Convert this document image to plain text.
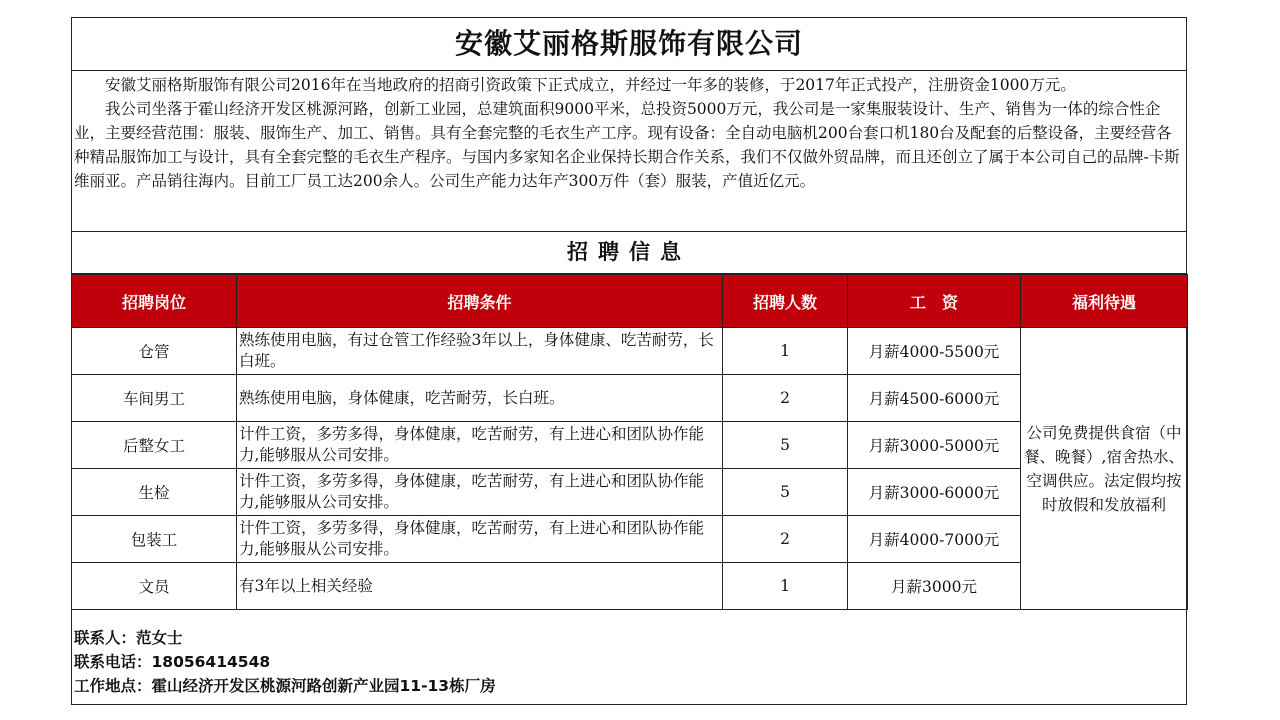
安徽艾丽格斯服饰有限公司

安徽艾丽格斯服饰有限公司2016年在当地政府的招商引资政策下正式成立，并经过一年多的装修，于2017年正式投产，注册资金1000万元。

我公司坐落于霍山经济开发区桃源河路，创新工业园，总建筑面积9000平米，总投资5000万元，我公司是一家集服装设计、生产、销售为一体的综合性企业，主要经营范围：服装、服饰生产、加工、销售。具有全套完整的毛衣生产工序。现有设备：全自动电脑机200台套口机180台及配套的后整设备，主要经营各种精品服饰加工与设计，具有全套完整的毛衣生产程序。与国内多家知名企业保持长期合作关系，我们不仅做外贸品牌，而且还创立了属于本公司自己的品牌-卡斯维丽亚。产品销往海内。目前工厂员工达200余人。公司生产能力达年产300万件（套）服装，产值近亿元。

招聘信息
招聘岗位	招聘条件	招聘人数	工　资	福利待遇
仓管	熟练使用电脑，有过仓管工作经验3年以上，身体健康、吃苦耐劳，长白班。	1	月薪4000-5500元	公司免费提供食宿（中餐、晚餐）,宿舍热水、空调供应。法定假均按时放假和发放福利
车间男工	熟练使用电脑，身体健康，吃苦耐劳，长白班。	2	月薪4500-6000元	
后整女工	计件工资，多劳多得，身体健康，吃苦耐劳，有上进心和团队协作能力,能够服从公司安排。	5	月薪3000-5000元	
生检	计件工资，多劳多得，身体健康，吃苦耐劳，有上进心和团队协作能力,能够服从公司安排。	5	月薪3000-6000元	
包装工	计件工资，多劳多得，身体健康，吃苦耐劳，有上进心和团队协作能力,能够服从公司安排。	2	月薪4000-7000元	
文员	有3年以上相关经验	1	月薪3000元	
联系人：范女士
联系电话：18056414548
工作地点：霍山经济开发区桃源河路创新产业园11-13栋厂房
